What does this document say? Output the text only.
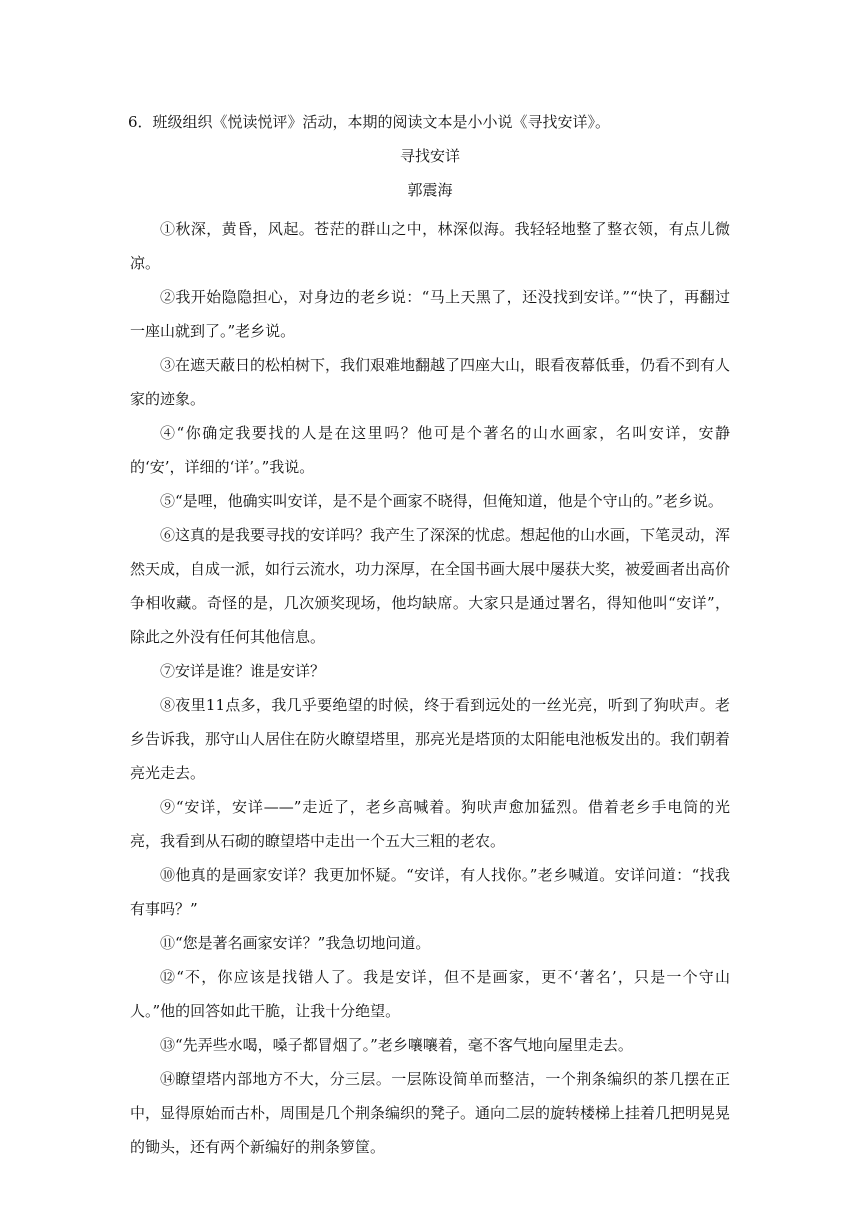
6．班级组织《悦读悦评》活动，本期的阅读文本是小小说《寻找安详》。
寻找安详
郭震海

①秋深，黄昏，风起。苍茫的群山之中，林深似海。我轻轻地整了整衣领，有点儿微凉。

②我开始隐隐担心，对身边的老乡说：“马上天黑了，还没找到安详。”“快了，再翻过一座山就到了。”老乡说。

③在遮天蔽日的松柏树下，我们艰难地翻越了四座大山，眼看夜幕低垂，仍看不到有人家的迹象。

④“你确定我要找的人是在这里吗？他可是个著名的山水画家，名叫安详，安静的‘安’，详细的‘详’。”我说。

⑤“是哩，他确实叫安详，是不是个画家不晓得，但俺知道，他是个守山的。”老乡说。

⑥这真的是我要寻找的安详吗？我产生了深深的忧虑。想起他的山水画，下笔灵动，浑然天成，自成一派，如行云流水，功力深厚，在全国书画大展中屡获大奖，被爱画者出高价争相收藏。奇怪的是，几次颁奖现场，他均缺席。大家只是通过署名，得知他叫“安详”，除此之外没有任何其他信息。

⑦安详是谁？谁是安详？

⑧夜里11点多，我几乎要绝望的时候，终于看到远处的一丝光亮，听到了狗吠声。老乡告诉我，那守山人居住在防火瞭望塔里，那亮光是塔顶的太阳能电池板发出的。我们朝着亮光走去。

⑨“安详，安详——”走近了，老乡高喊着。狗吠声愈加猛烈。借着老乡手电筒的光亮，我看到从石砌的瞭望塔中走出一个五大三粗的老农。

⑩他真的是画家安详？我更加怀疑。“安详，有人找你。”老乡喊道。安详问道：“找我有事吗？”

⑪“您是著名画家安详？”我急切地问道。

⑫“不，你应该是找错人了。我是安详，但不是画家，更不‘著名’，只是一个守山人。”他的回答如此干脆，让我十分绝望。

⑬“先弄些水喝，嗓子都冒烟了。”老乡嚷嚷着，毫不客气地向屋里走去。

⑭瞭望塔内部地方不大，分三层。一层陈设简单而整洁，一个荆条编织的茶几摆在正中，显得原始而古朴，周围是几个荆条编织的凳子。通向二层的旋转楼梯上挂着几把明晃晃的锄头，还有两个新编好的荆条箩筐。
